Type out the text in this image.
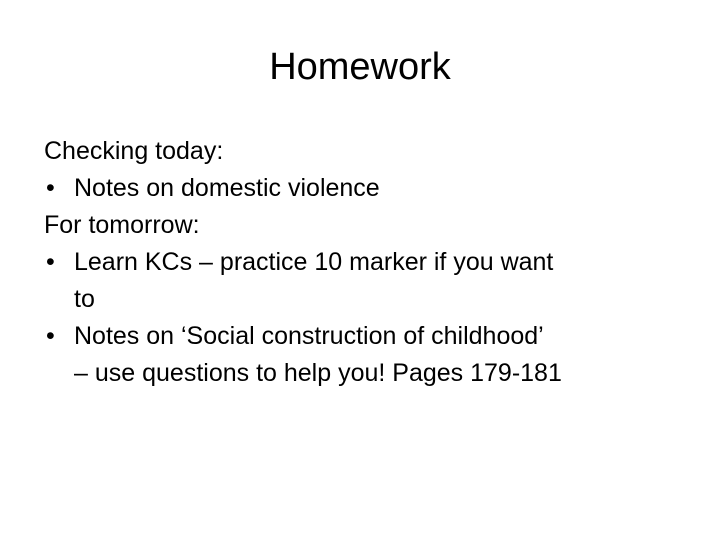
Homework

Checking today:

• Notes on domestic violence

For tomorrow:

• Learn KCs – practice 10 marker if you want
to
• Notes on ‘Social construction of childhood’
– use questions to help you! Pages 179-181
